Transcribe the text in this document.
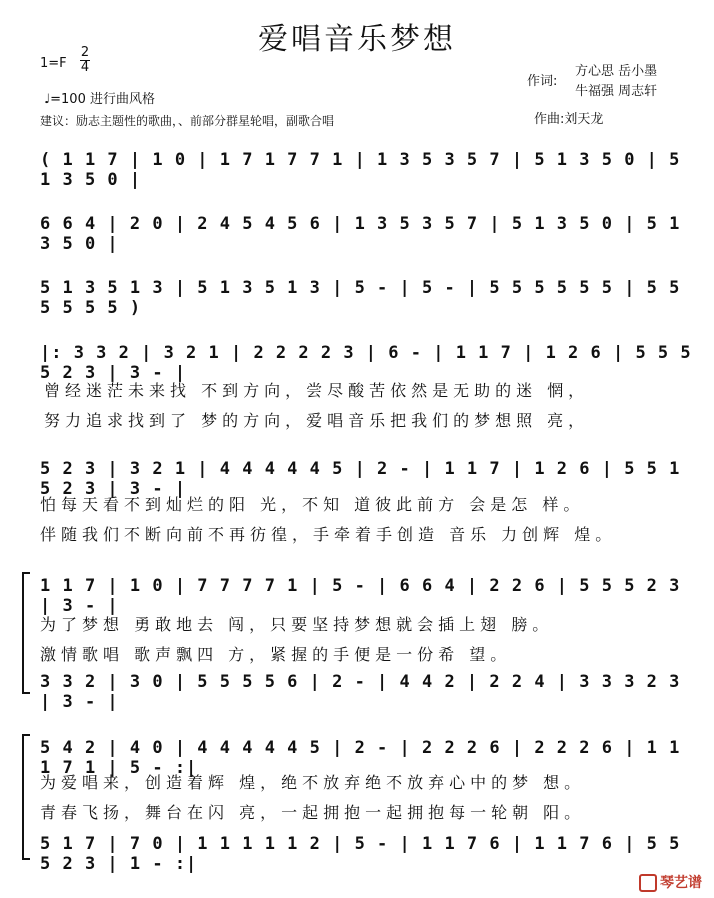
爱唱音乐梦想
1=F
2
4
♩=100 进行曲风格
建议：励志主题性的歌曲，、前部分群星轮唱，副歌合唱
作词:
方心思 岳小墨
牛福强 周志轩
作曲:刘天龙
( 1 1 7 | 1 0 | 1 7 1 7 7 1 | 1 3 5 3 5 7 | 5 1 3 5 0 | 5 1 3 5 0 |
6 6 4 | 2 0 | 2 4 5 4 5 6 | 1 3 5 3 5 7 | 5 1 3 5 0 | 5 1 3 5 0 |
5 1 3 5 1 3 | 5 1 3 5 1 3 | 5 - | 5 - | 5 5 5 5 5 5 | 5 5 5 5 5 5 )
|: 3 3 2 | 3 2 1 | 2 2 2 2 3 | 6 - | 1 1 7 | 1 2 6 | 5 5 5 5 2 3 | 3 - |
曾经迷茫未来找 不到方向，尝尽酸苦依然是无助的迷 惘，
努力追求找到了 梦的方向，爱唱音乐把我们的梦想照 亮，
5 2 3 | 3 2 1 | 4 4 4 4 4 5 | 2 - | 1 1 7 | 1 2 6 | 5 5 1 5 2 3 | 3 - |
怕每天看不到灿烂的阳 光，不知 道彼此前方 会是怎 样。
伴随我们不断向前不再彷徨，手牵着手创造 音乐 力创辉 煌。
1 1 7 | 1 0 | 7 7 7 7 1 | 5 - | 6 6 4 | 2 2 6 | 5 5 5 2 3 | 3 - |
为了梦想 勇敢地去 闯，只要坚持梦想就会插上翅 膀。
激情歌唱 歌声飘四 方，紧握的手便是一份希 望。
3 3 2 | 3 0 | 5 5 5 5 6 | 2 - | 4 4 2 | 2 2 4 | 3 3 3 2 3 | 3 - |
5 4 2 | 4 0 | 4 4 4 4 4 5 | 2 - | 2 2 2 6 | 2 2 2 6 | 1 1 1 7 1 | 5 - :|
为爱唱来，创造着辉 煌，绝不放弃绝不放弃心中的梦 想。
青春飞扬，舞台在闪 亮，一起拥抱一起拥抱每一轮朝 阳。
5 1 7 | 7 0 | 1 1 1 1 1 2 | 5 - | 1 1 7 6 | 1 1 7 6 | 5 5 5 2 3 | 1 - :|
琴艺谱
